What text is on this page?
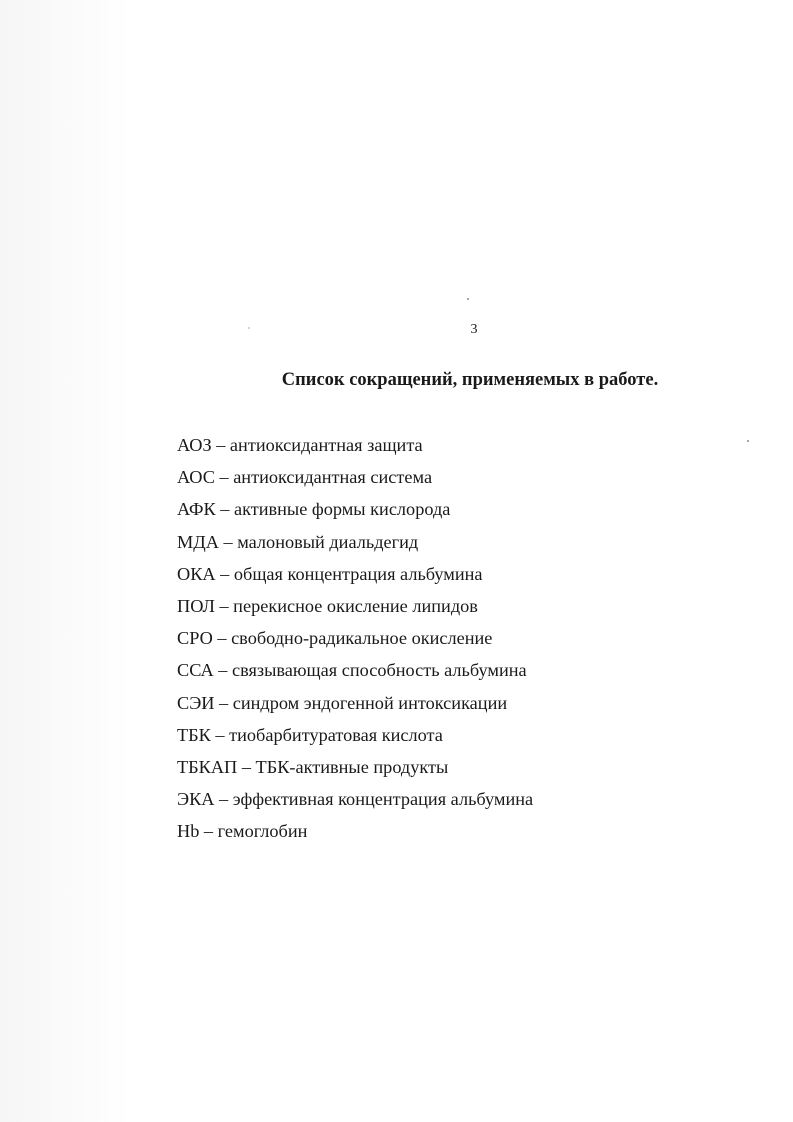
3
Список сокращений, применяемых в работе.
АОЗ – антиоксидантная защита
АОС – антиоксидантная система
АФК – активные формы кислорода
МДА – малоновый диальдегид
ОКА – общая концентрация альбумина
ПОЛ – перекисное окисление липидов
СРО – свободно-радикальное окисление
ССА – связывающая способность альбумина
СЭИ – синдром эндогенной интоксикации
ТБК – тиобарбитуратовая кислота
ТБКАП – ТБК-активные продукты
ЭКА – эффективная концентрация альбумина
Hb – гемоглобин
